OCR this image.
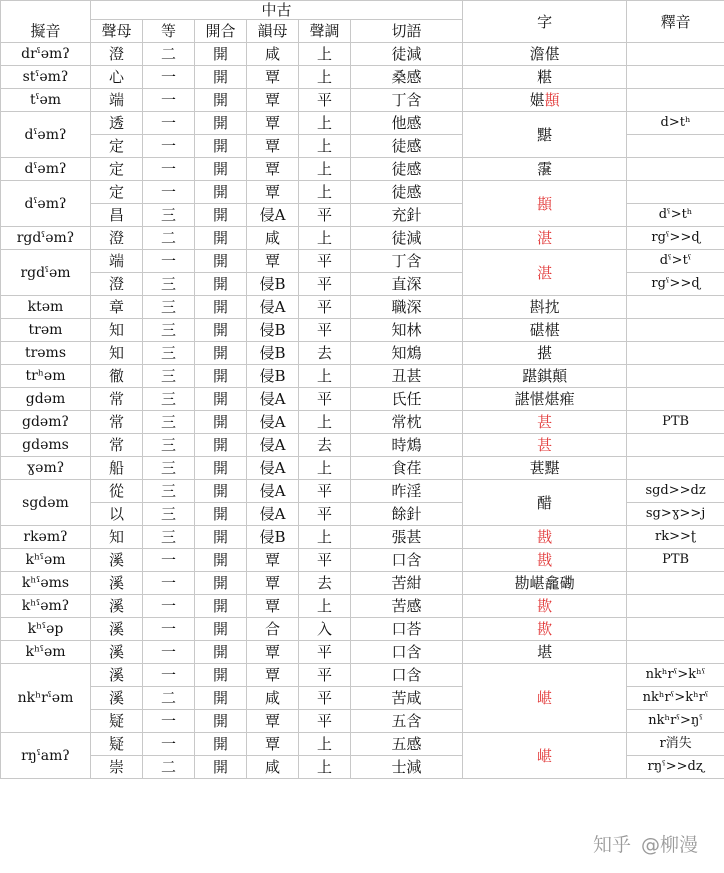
擬音	中古						字	釋音
	聲母	等	開合	韻母	聲調	切語		
drˤəmʔ	澄	二	開	咸	上	徒減	澹偡	
stˤəmʔ	心	一	開	覃	上	桑感	糂	
tˤəm	端	一	開	覃	平	丁含	媅䫖	
dˤəmʔ	透	一	開	覃	上	他感	黮	d>tʰ
	定	一	開	覃	上	徒感		
dˤəmʔ	定	一	開	覃	上	徒感	霮	
dˤəmʔ	定	一	開	覃	上	徒感	䫖	
	昌	三	開	侵A	平	充針		dˤ>tʰ
rgdˤəmʔ	澄	二	開	咸	上	徒減	湛	rgˤ>>ɖ
rgdˤəm	端	一	開	覃	平	丁含	湛	dˤ>tˤ
	澄	三	開	侵B	平	直深		rgˤ>>ɖ
ktəm	章	三	開	侵A	平	職深	斟抌	
trəm	知	三	開	侵B	平	知林	碪椹	
trəms	知	三	開	侵B	去	知鴆	揕	
trʰəm	徹	三	開	侵B	上	丑甚	踸錤顛	
gdəm	常	三	開	侵A	平	氏任	諶愖煁痽	
gdəmʔ	常	三	開	侵A	上	常枕	甚	PTB
gdəms	常	三	開	侵A	去	時鴆	甚	
ɣəmʔ	船	三	開	侵A	上	食荏	葚黮	
sgdəm	從	三	開	侵A	平	昨淫	醋	sgd>>dz
	以	三	開	侵A	平	餘針		sg>ɣ>>j
rkəmʔ	知	三	開	侵B	上	張甚	戡	rk>>ʈ
kʰˤəm	溪	一	開	覃	平	口含	戡	PTB
kʰˤəms	溪	一	開	覃	去	苦紺	勘嵁龕磡	
kʰˤəmʔ	溪	一	開	覃	上	苦感	歁	
kʰˤəp	溪	一	開	合	入	口荅	歁	
kʰˤəm	溪	一	開	覃	平	口含	堪	
nkʰrˤəm	溪	一	開	覃	平	口含	嵁	nkʰrˤ>kʰˤ
	溪	二	開	咸	平	苦咸		nkʰrˤ>kʰrˤ
	疑	一	開	覃	平	五含		nkʰrˤ>ŋˤ
rŋˤamʔ	疑	一	開	覃	上	五感	嵁	r消失
	崇	二	開	咸	上	士減		rŋˤ>>dʐ
知乎 @柳漫
